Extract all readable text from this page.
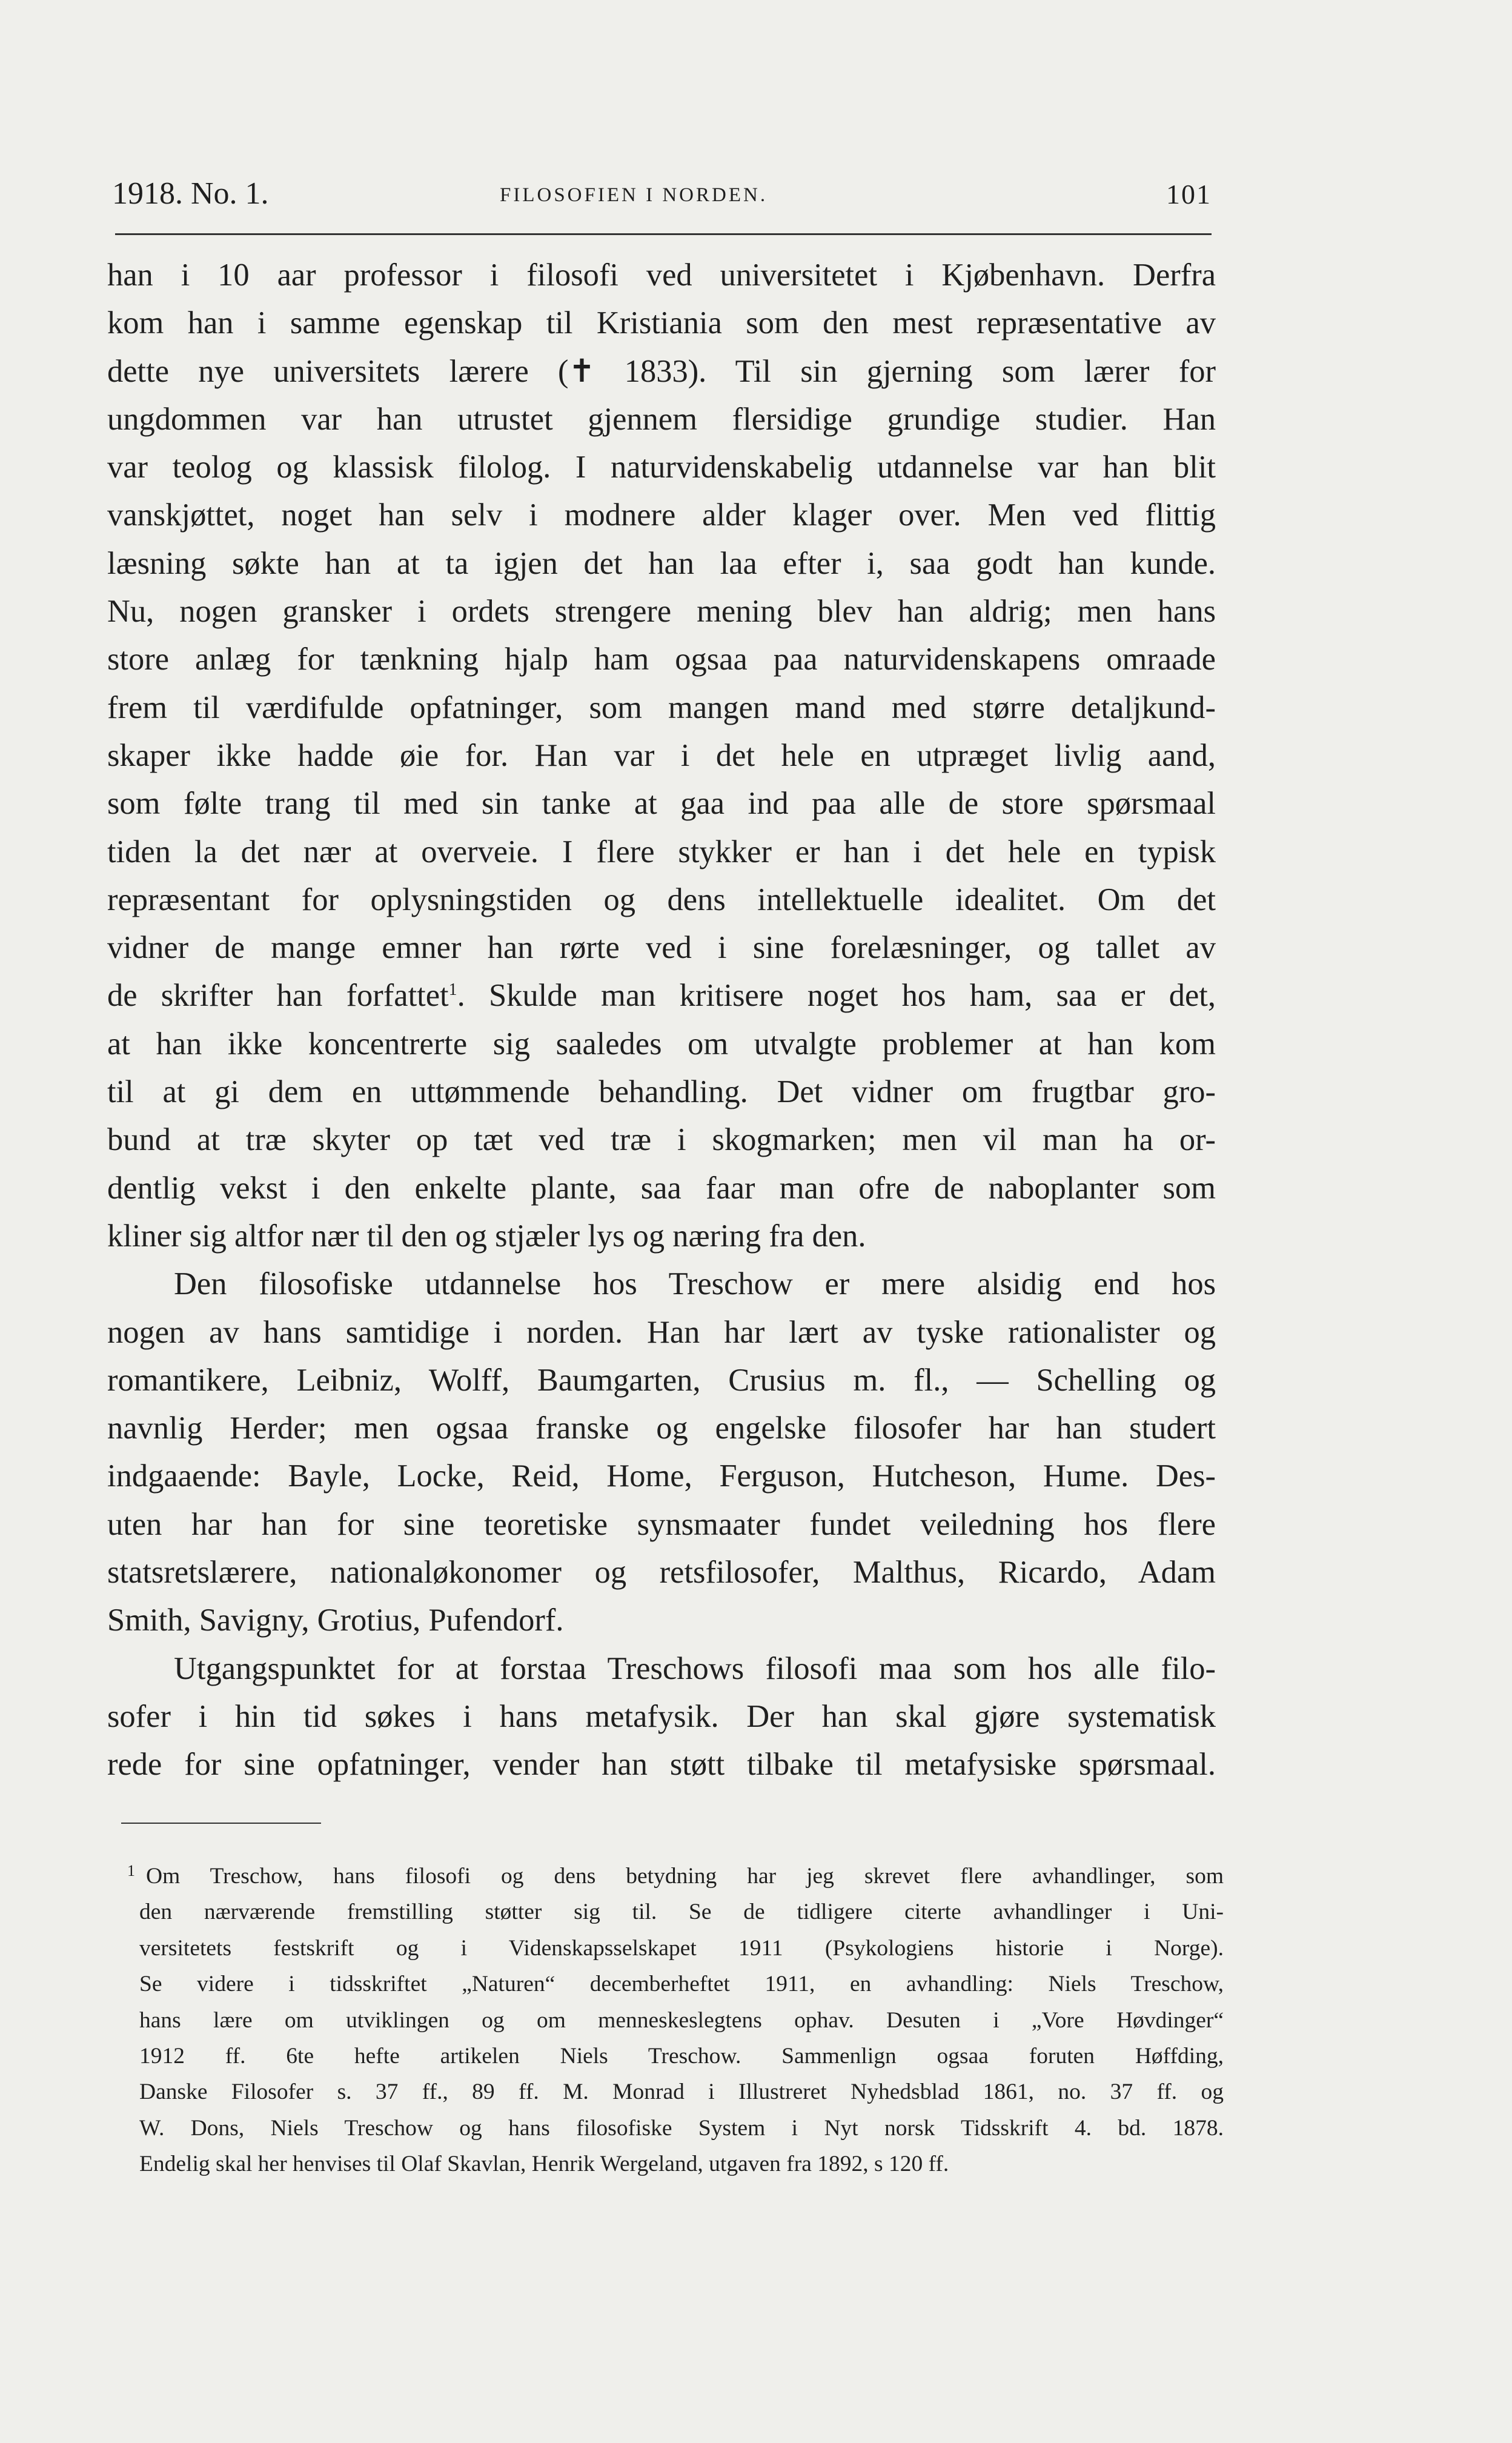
1918. No. 1.	FILOSOFIEN I NORDEN.	101
han i 10 aar professor i filosofi ved universitetet i Kjøbenhavn. Derfra
kom han i samme egenskap til Kristiania som den mest repræsentative av
dette nye universitets lærere (✝ 1833). Til sin gjerning som lærer for
ungdommen var han utrustet gjennem flersidige grundige studier. Han
var teolog og klassisk filolog. I naturvidenskabelig utdannelse var han blit
vanskjøttet, noget han selv i modnere alder klager over. Men ved flittig
læsning søkte han at ta igjen det han laa efter i, saa godt han kunde.
Nu, nogen gransker i ordets strengere mening blev han aldrig; men hans
store anlæg for tænkning hjalp ham ogsaa paa naturvidenskapens omraade
frem til værdifulde opfatninger, som mangen mand med større detaljkund-
skaper ikke hadde øie for. Han var i det hele en utpræget livlig aand,
som følte trang til med sin tanke at gaa ind paa alle de store spørsmaal
tiden la det nær at overveie. I flere stykker er han i det hele en typisk
repræsentant for oplysningstiden og dens intellektuelle idealitet. Om det
vidner de mange emner han rørte ved i sine forelæsninger, og tallet av
de skrifter han forfattet$^1$. Skulde man kritisere noget hos ham, saa er det,
at han ikke koncentrerte sig saaledes om utvalgte problemer at han kom
til at gi dem en uttømmende behandling. Det vidner om frugtbar gro-
bund at træ skyter op tæt ved træ i skogmarken; men vil man ha or-
dentlig vekst i den enkelte plante, saa faar man ofre de naboplanter som
kliner sig altfor nær til den og stjæler lys og næring fra den.
Den filosofiske utdannelse hos Treschow er mere alsidig end hos
nogen av hans samtidige i norden. Han har lært av tyske rationalister og
romantikere, Leibniz, Wolff, Baumgarten, Crusius m. fl., — Schelling og
navnlig Herder; men ogsaa franske og engelske filosofer har han studert
indgaaende: Bayle, Locke, Reid, Home, Ferguson, Hutcheson, Hume. Des-
uten har han for sine teoretiske synsmaater fundet veiledning hos flere
statsretslærere, nationaløkonomer og retsfilosofer, Malthus, Ricardo, Adam
Smith, Savigny, Grotius, Pufendorf.
Utgangspunktet for at forstaa Treschows filosofi maa som hos alle filo-
sofer i hin tid søkes i hans metafysik. Der han skal gjøre systematisk
rede for sine opfatninger, vender han støtt tilbake til metafysiske spørsmaal.
$^1$ Om Treschow, hans filosofi og dens betydning har jeg skrevet flere avhandlinger, som
den nærværende fremstilling støtter sig til. Se de tidligere citerte avhandlinger i Uni-
versitetets festskrift og i Videnskapsselskapet 1911 (Psykologiens historie i Norge).
Se videre i tidsskriftet „Naturen“ decemberheftet 1911, en avhandling: Niels Treschow,
hans lære om utviklingen og om menneskeslegtens ophav. Desuten i „Vore Høvdinger“
1912 ff. 6te hefte artikelen Niels Treschow. Sammenlign ogsaa foruten Høffding,
Danske Filosofer s. 37 ff., 89 ff. M. Monrad i Illustreret Nyhedsblad 1861, no. 37 ff. og
W. Dons, Niels Treschow og hans filosofiske System i Nyt norsk Tidsskrift 4. bd. 1878.
Endelig skal her henvises til Olaf Skavlan, Henrik Wergeland, utgaven fra 1892, s 120 ff.
